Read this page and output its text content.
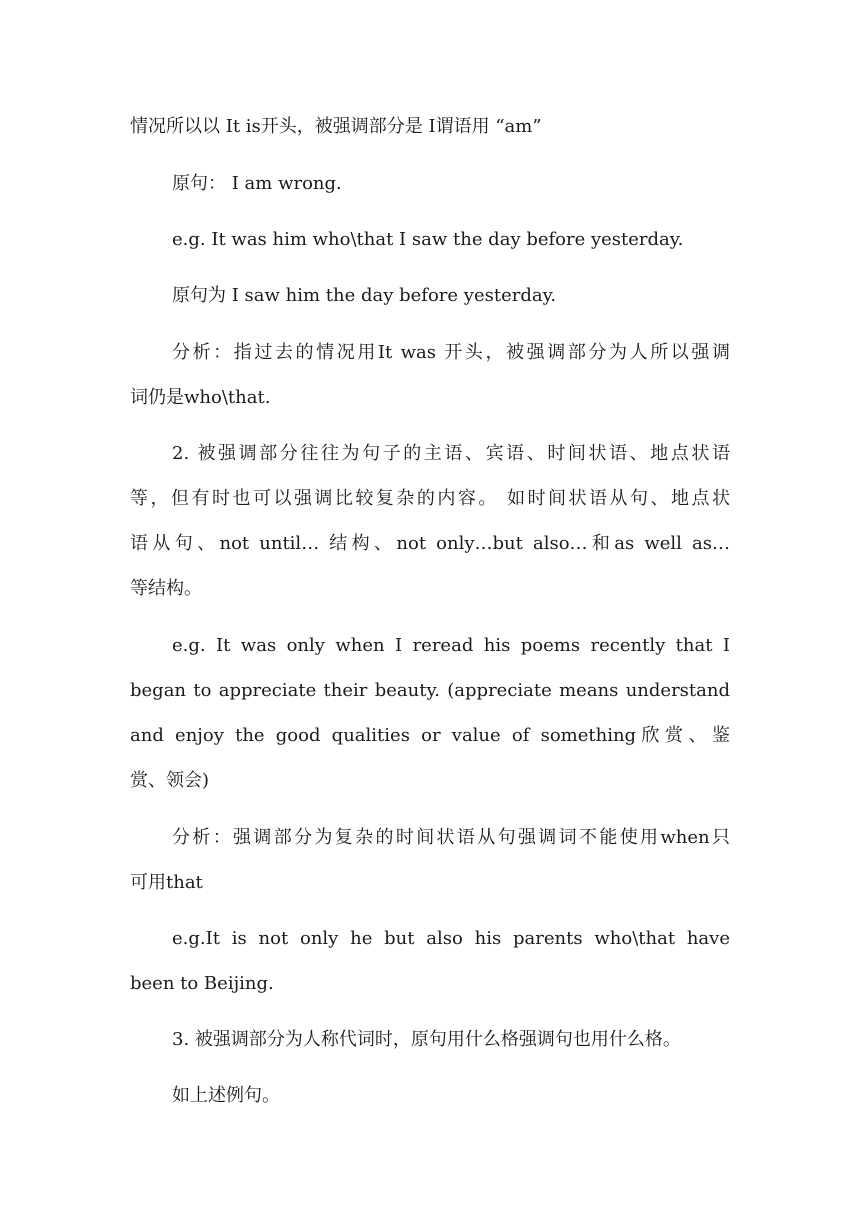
情况所以以 It is开头，被强调部分是 I谓语用 “am”
原句： I am wrong.
e.g. It was him who\that I saw the day before yesterday.
原句为 I saw him the day before yesterday.
分析：指过去的情况用It was 开头，被强调部分为人所以强调
词仍是who\that.
2. 被强调部分往往为句子的主语、宾语、时间状语、地点状语
等，但有时也可以强调比较复杂的内容。 如时间状语从句、地点状
语从句、not until… 结构、not only…but also…和as well as…
等结构。
e.g. It was only when I reread his poems recently that I
began to appreciate their beauty. (appreciate means understand
and enjoy the good qualities or value of something欣赏、鉴
赏、领会)
分析：强调部分为复杂的时间状语从句强调词不能使用when只
可用that
e.g.It is not only he but also his parents who\that have
been to Beijing.
3. 被强调部分为人称代词时，原句用什么格强调句也用什么格。
如上述例句。
